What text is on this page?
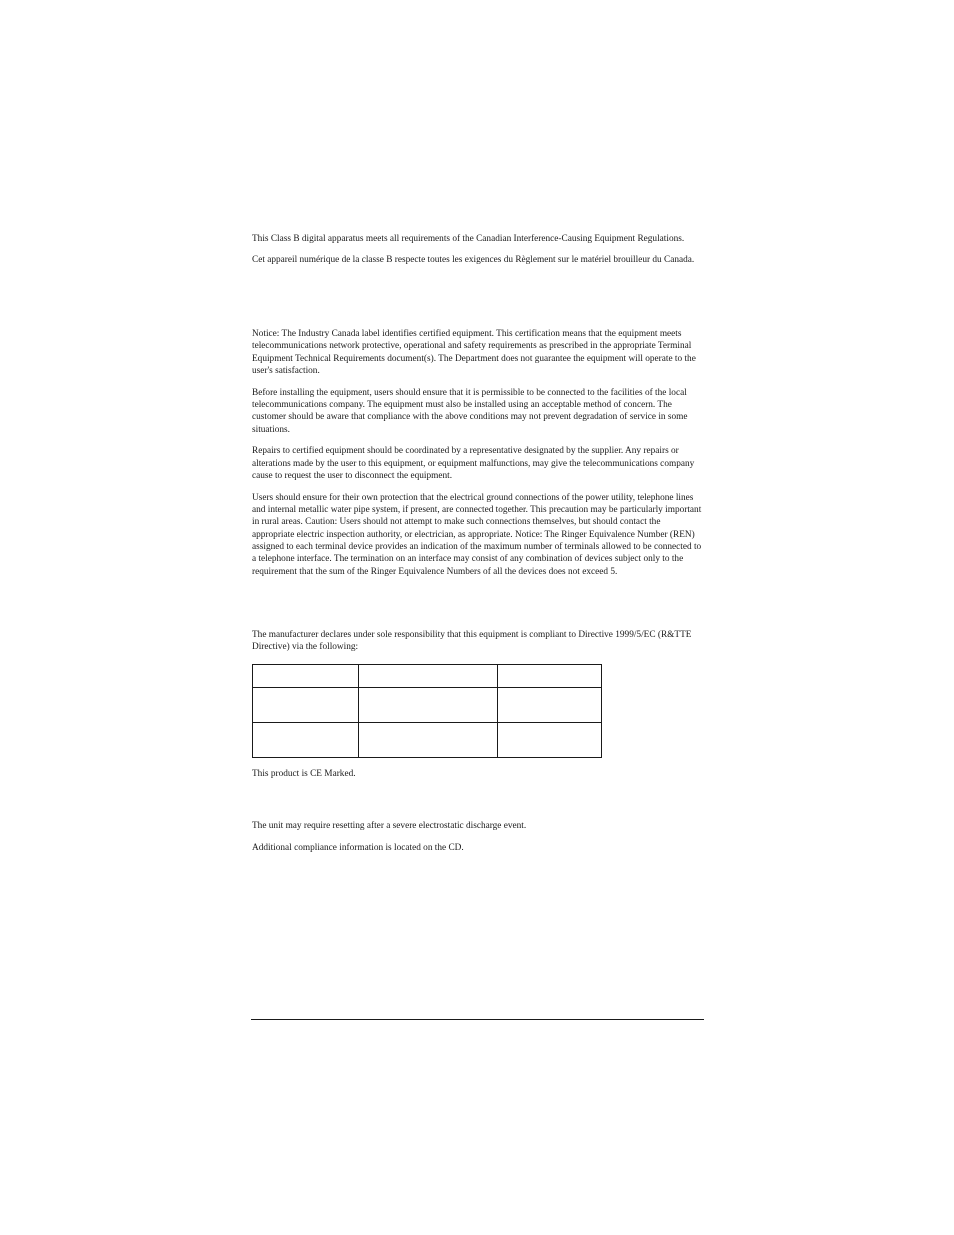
This Class B digital apparatus meets all requirements of the Canadian Interference-Causing Equipment Regulations.

Cet appareil numérique de la classe B respecte toutes les exigences du Règlement sur le matériel brouilleur du Canada.

Notice: The Industry Canada label identifies certified equipment. This certification means that the equipment meets telecommunications network protective, operational and safety requirements as prescribed in the appropriate Terminal Equipment Technical Requirements document(s). The Department does not guarantee the equipment will operate to the user's satisfaction.

Before installing the equipment, users should ensure that it is permissible to be connected to the facilities of the local telecommunications company. The equipment must also be installed using an acceptable method of concern. The customer should be aware that compliance with the above conditions may not prevent degradation of service in some situations.

Repairs to certified equipment should be coordinated by a representative designated by the supplier. Any repairs or alterations made by the user to this equipment, or equipment malfunctions, may give the telecommunications company cause to request the user to disconnect the equipment.

Users should ensure for their own protection that the electrical ground connections of the power utility, telephone lines and internal metallic water pipe system, if present, are connected together. This precaution may be particularly important in rural areas. Caution: Users should not attempt to make such connections themselves, but should contact the appropriate electric inspection authority, or electrician, as appropriate. Notice: The Ringer Equivalence Number (REN) assigned to each terminal device provides an indication of the maximum number of terminals allowed to be connected to a telephone interface. The termination on an interface may consist of any combination of devices subject only to the requirement that the sum of the Ringer Equivalence Numbers of all the devices does not exceed 5.

The manufacturer declares under sole responsibility that this equipment is compliant to Directive 1999/5/EC (R&TTE Directive) via the following:

This product is CE Marked.

The unit may require resetting after a severe electrostatic discharge event.

Additional compliance information is located on the CD.
